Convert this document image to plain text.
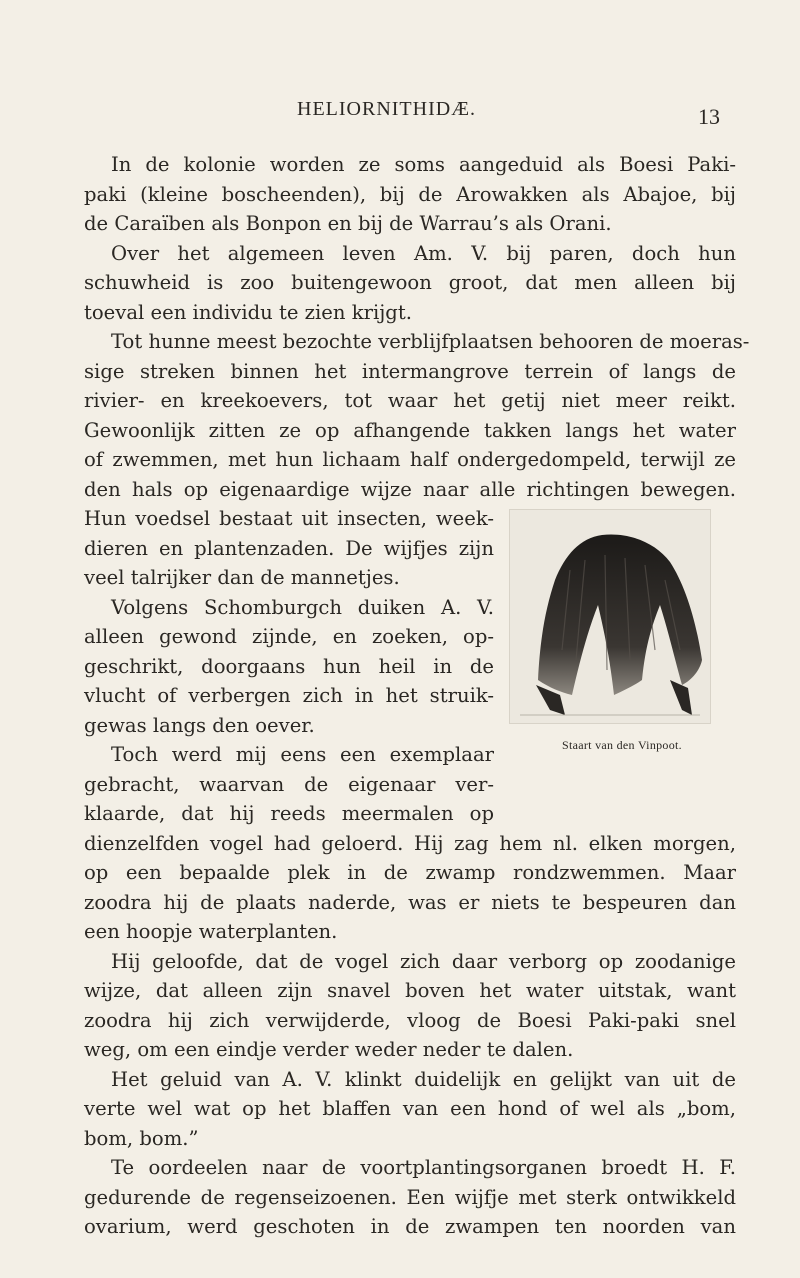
HELIORNITHIDÆ.	13
Staart van den Vinpoot.
In de kolonie worden ze soms aangeduid als Boesi Paki-
paki (kleine boscheenden), bij de Arowakken als Abajoe, bij
de Caraïben als Bonpon en bij de Warrau’s als Orani.
Over het algemeen leven Am. V. bij paren, doch hun
schuwheid is zoo buitengewoon groot, dat men alleen bij
toeval een individu te zien krijgt.
Tot hunne meest bezochte verblijfplaatsen behooren de moeras-
sige streken binnen het intermangrove terrein of langs de
rivier- en kreekoevers, tot waar het getij niet meer reikt.
Gewoonlijk zitten ze op afhangende takken langs het water
of zwemmen, met hun lichaam half ondergedompeld, terwijl ze
den hals op eigenaardige wijze naar alle richtingen bewegen.
Hun voedsel bestaat uit insecten, week-
dieren en plantenzaden. De wijfjes zijn
veel talrijker dan de mannetjes.
Volgens Schomburgch duiken A. V.
alleen gewond zijnde, en zoeken, op-
geschrikt, doorgaans hun heil in de
vlucht of verbergen zich in het struik-
gewas langs den oever.
Toch werd mij eens een exemplaar
gebracht, waarvan de eigenaar ver-
klaarde, dat hij reeds meermalen op
dienzelfden vogel had geloerd. Hij zag hem nl. elken morgen,
op een bepaalde plek in de zwamp rondzwemmen. Maar
zoodra hij de plaats naderde, was er niets te bespeuren dan
een hoopje waterplanten.
Hij geloofde, dat de vogel zich daar verborg op zoodanige
wijze, dat alleen zijn snavel boven het water uitstak, want
zoodra hij zich verwijderde, vloog de Boesi Paki-paki snel
weg, om een eindje verder weder neder te dalen.
Het geluid van A. V. klinkt duidelijk en gelijkt van uit de
verte wel wat op het blaffen van een hond of wel als „bom,
bom, bom.”
Te oordeelen naar de voortplantingsorganen broedt H. F.
gedurende de regenseizoenen. Een wijfje met sterk ontwikkeld
ovarium, werd geschoten in de zwampen ten noorden van
